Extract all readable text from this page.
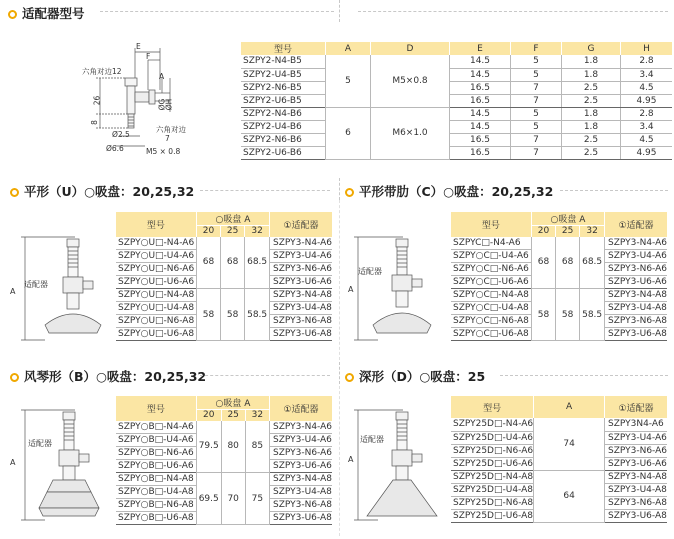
适配器型号
平形（U）○吸盘：20,25,32	平形带肋（C）○吸盘：20,25,32
风琴形（B）○吸盘：20,25,32	深形（D）○吸盘：25
E
F
A
六角对边12
26
8
ØG
ØH
六角对边
7
Ø2.5
Ø6.6	M5 × 0.8
型号	A	D	E	F	G	H
SZPY2-N4-B5	5	M5×0.8	14.5	5	1.8	2.8
SZPY2-U4-B5			14.5	5	1.8	3.4
SZPY2-N6-B5			16.5	7	2.5	4.5
SZPY2-U6-B5			16.5	7	2.5	4.95
SZPY2-N4-B6	6	M6×1.0	14.5	5	1.8	2.8
SZPY2-U4-B6			14.5	5	1.8	3.4
SZPY2-N6-B6			16.5	7	2.5	4.5
SZPY2-U6-B6			16.5	7	2.5	4.95
A
适配器
A
适配器
A
适配器
A
适配器
型号	○吸盘 A			①适配器
	20	25	32	
SZPY○U□-N4-A6	68	68	68.5	SZPY3-N4-A6
SZPY○U□-U4-A6				SZPY3-U4-A6
SZPY○U□-N6-A6				SZPY3-N6-A6
SZPY○U□-U6-A6				SZPY3-U6-A6
SZPY○U□-N4-A8	58	58	58.5	SZPY3-N4-A8
SZPY○U□-U4-A8				SZPY3-U4-A8
SZPY○U□-N6-A8				SZPY3-N6-A8
SZPY○U□-U6-A8				SZPY3-U6-A8
型号	○吸盘 A			①适配器
	20	25	32	
SZPYC□-N4-A6	68	68	68.5	SZPY3-N4-A6
SZPY○C□-U4-A6				SZPY3-U4-A6
SZPY○C□-N6-A6				SZPY3-N6-A6
SZPY○C□-U6-A6				SZPY3-U6-A6
SZPY○C□-N4-A8	58	58	58.5	SZPY3-N4-A8
SZPY○C□-U4-A8				SZPY3-U4-A8
SZPY○C□-N6-A8				SZPY3-N6-A8
SZPY○C□-U6-A8				SZPY3-U6-A8
型号	○吸盘 A			①适配器
	20	25	32	
SZPY○B□-N4-A6	79.5	80	85	SZPY3-N4-A6
SZPY○B□-U4-A6				SZPY3-U4-A6
SZPY○B□-N6-A6				SZPY3-N6-A6
SZPY○B□-U6-A6				SZPY3-U6-A6
SZPY○B□-N4-A8	69.5	70	75	SZPY3-N4-A8
SZPY○B□-U4-A8				SZPY3-U4-A8
SZPY○B□-N6-A8				SZPY3-N6-A8
SZPY○B□-U6-A8				SZPY3-U6-A8
型号	A	①适配器
SZPY25D□-N4-A6	74	SZPY3N4-A6
SZPY25D□-U4-A6		SZPY3-U4-A6
SZPY25D□-N6-A6		SZPY3-N6-A6
SZPY25D□-U6-A6		SZPY3-U6-A6
SZPY25D□-N4-A8	64	SZPY3-N4-A8
SZPY25D□-U4-A8		SZPY3-U4-A8
SZPY25D□-N6-A8		SZPY3-N6-A8
SZPY25D□-U6-A8		SZPY3-U6-A8
